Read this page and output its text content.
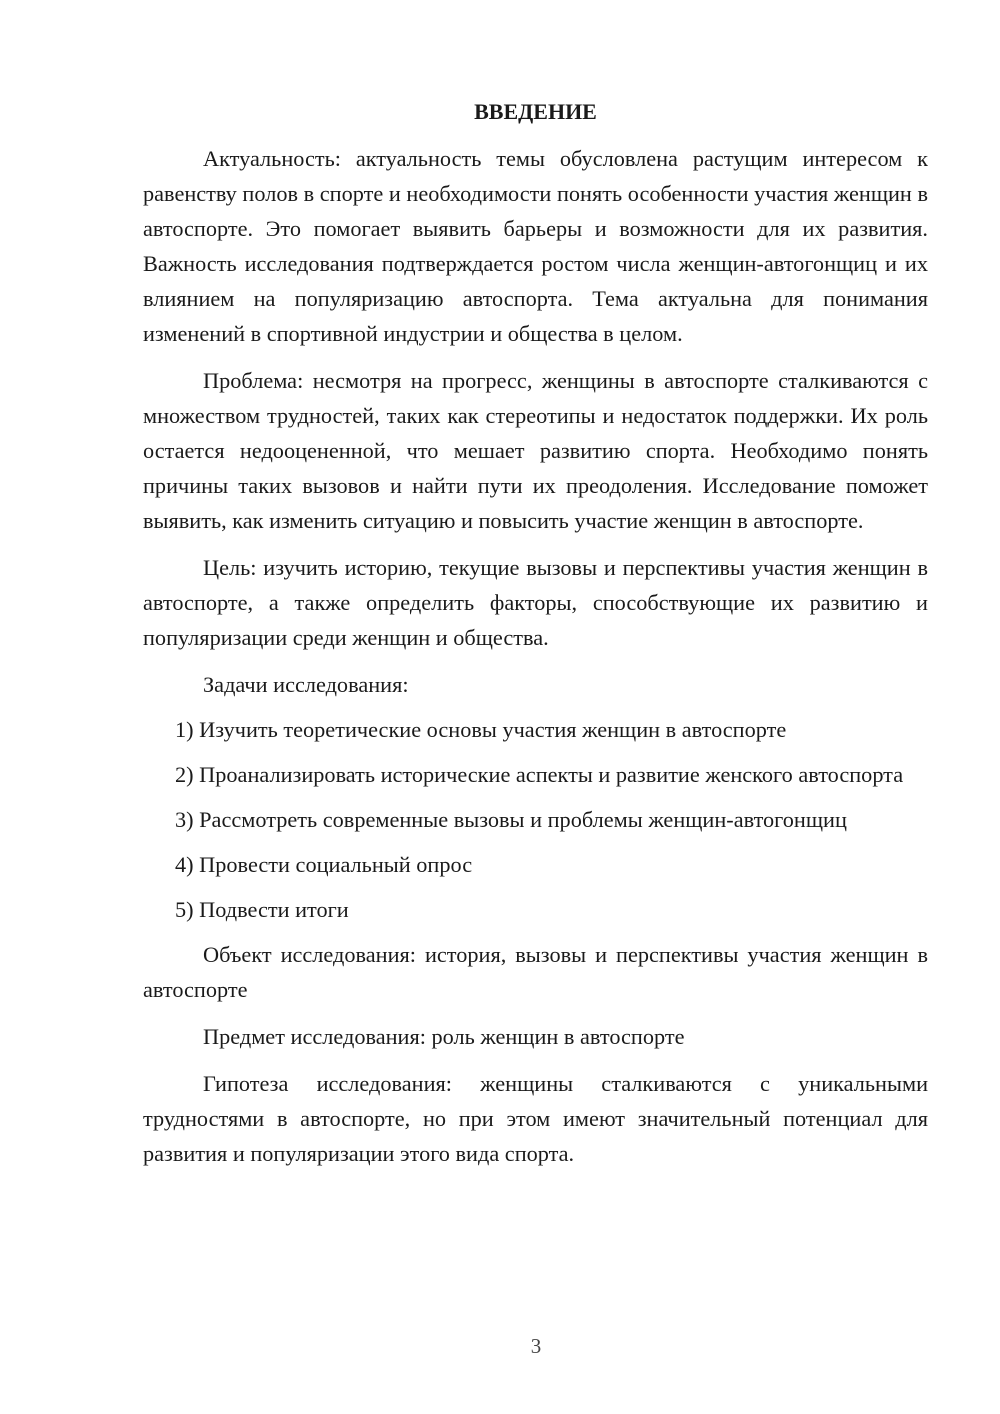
ВВЕДЕНИЕ

Актуальность: актуальность темы обусловлена растущим интересом к равенству полов в спорте и необходимости понять особенности участия женщин в автоспорте. Это помогает выявить барьеры и возможности для их развития. Важность исследования подтверждается ростом числа женщин-автогонщиц и их влиянием на популяризацию автоспорта. Тема актуальна для понимания изменений в спортивной индустрии и общества в целом.

Проблема: несмотря на прогресс, женщины в автоспорте сталкиваются с множеством трудностей, таких как стереотипы и недостаток поддержки. Их роль остается недооцененной, что мешает развитию спорта. Необходимо понять причины таких вызовов и найти пути их преодоления. Исследование поможет выявить, как изменить ситуацию и повысить участие женщин в автоспорте.

Цель: изучить историю, текущие вызовы и перспективы участия женщин в автоспорте, а также определить факторы, способствующие их развитию и популяризации среди женщин и общества.

Задачи исследования:

1) Изучить теоретические основы участия женщин в автоспорте

2) Проанализировать исторические аспекты и развитие женского автоспорта

3) Рассмотреть современные вызовы и проблемы женщин-автогонщиц

4) Провести социальный опрос

5) Подвести итоги

Объект исследования: история, вызовы и перспективы участия женщин в автоспорте

Предмет исследования: роль женщин в автоспорте

Гипотеза исследования: женщины сталкиваются с уникальными трудностями в автоспорте, но при этом имеют значительный потенциал для развития и популяризации этого вида спорта.

3
